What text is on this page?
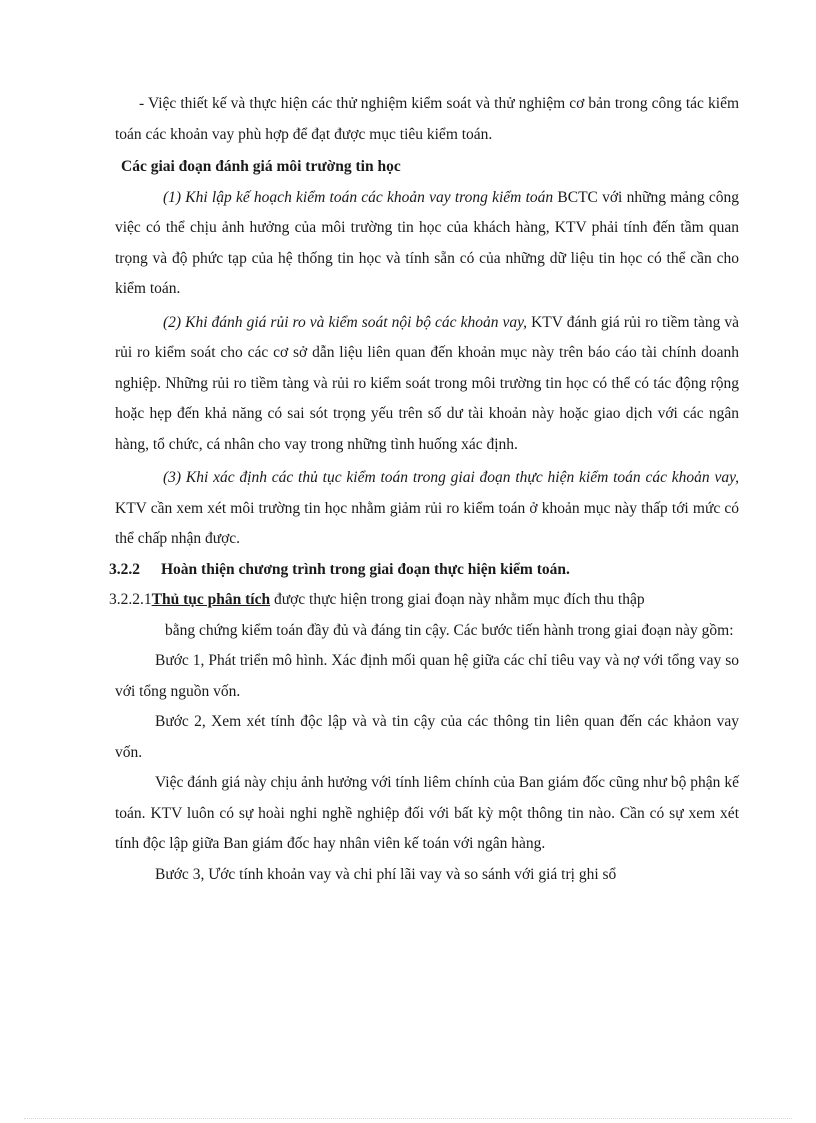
- Việc thiết kế và thực hiện các thử nghiệm kiểm soát và thử nghiệm cơ bản trong công tác kiểm toán các khoản vay phù hợp để đạt được mục tiêu kiểm toán.

Các giai đoạn đánh giá môi trường tin học

(1) Khi lập kế hoạch kiểm toán các khoản vay trong kiểm toán BCTC với những mảng công việc có thể chịu ảnh hưởng của môi trường tin học của khách hàng, KTV phải tính đến tầm quan trọng và độ phức tạp của hệ thống tin học và tính sẵn có của những dữ liệu tin học có thể cần cho kiểm toán.

(2) Khi đánh giá rủi ro và kiểm soát nội bộ các khoản vay, KTV đánh giá rủi ro tiềm tàng và rủi ro kiểm soát cho các cơ sở dẫn liệu liên quan đến khoản mục này trên báo cáo tài chính doanh nghiệp. Những rủi ro tiềm tàng và rủi ro kiểm soát trong môi trường tin học có thể có tác động rộng hoặc hẹp đến khả năng có sai sót trọng yếu trên số dư tài khoản này hoặc giao dịch với các ngân hàng, tổ chức, cá nhân cho vay trong những tình huống xác định.

(3) Khi xác định các thủ tục kiểm toán trong giai đoạn thực hiện kiểm toán các khoản vay, KTV cần xem xét môi trường tin học nhằm giảm rủi ro kiểm toán ở khoản mục này thấp tới mức có thể chấp nhận được.

3.2.2	Hoàn thiện chương trình trong giai đoạn thực hiện kiểm toán.
3.2.2.1Thủ tục phân tích được thực hiện trong giai đoạn này nhằm mục đích thu thập

bằng chứng kiểm toán đầy đủ và đáng tin cậy. Các bước tiến hành trong giai đoạn này gồm:

Bước 1, Phát triển mô hình. Xác định mối quan hệ giữa các chỉ tiêu vay và nợ với tổng vay so với tổng nguồn vốn.

Bước 2, Xem xét tính độc lập và và tin cậy của các thông tin liên quan đến các khảon vay vốn.

Việc đánh giá này chịu ảnh hưởng với tính liêm chính của Ban giám đốc cũng như bộ phận kế toán. KTV luôn có sự hoài nghi nghề nghiệp đối với bất kỳ một thông tin nào. Cần có sự xem xét tính độc lập giữa Ban giám đốc hay nhân viên kế toán với ngân hàng.

Bước 3, Ước tính khoản vay và chi phí lãi vay và so sánh với giá trị ghi sổ
